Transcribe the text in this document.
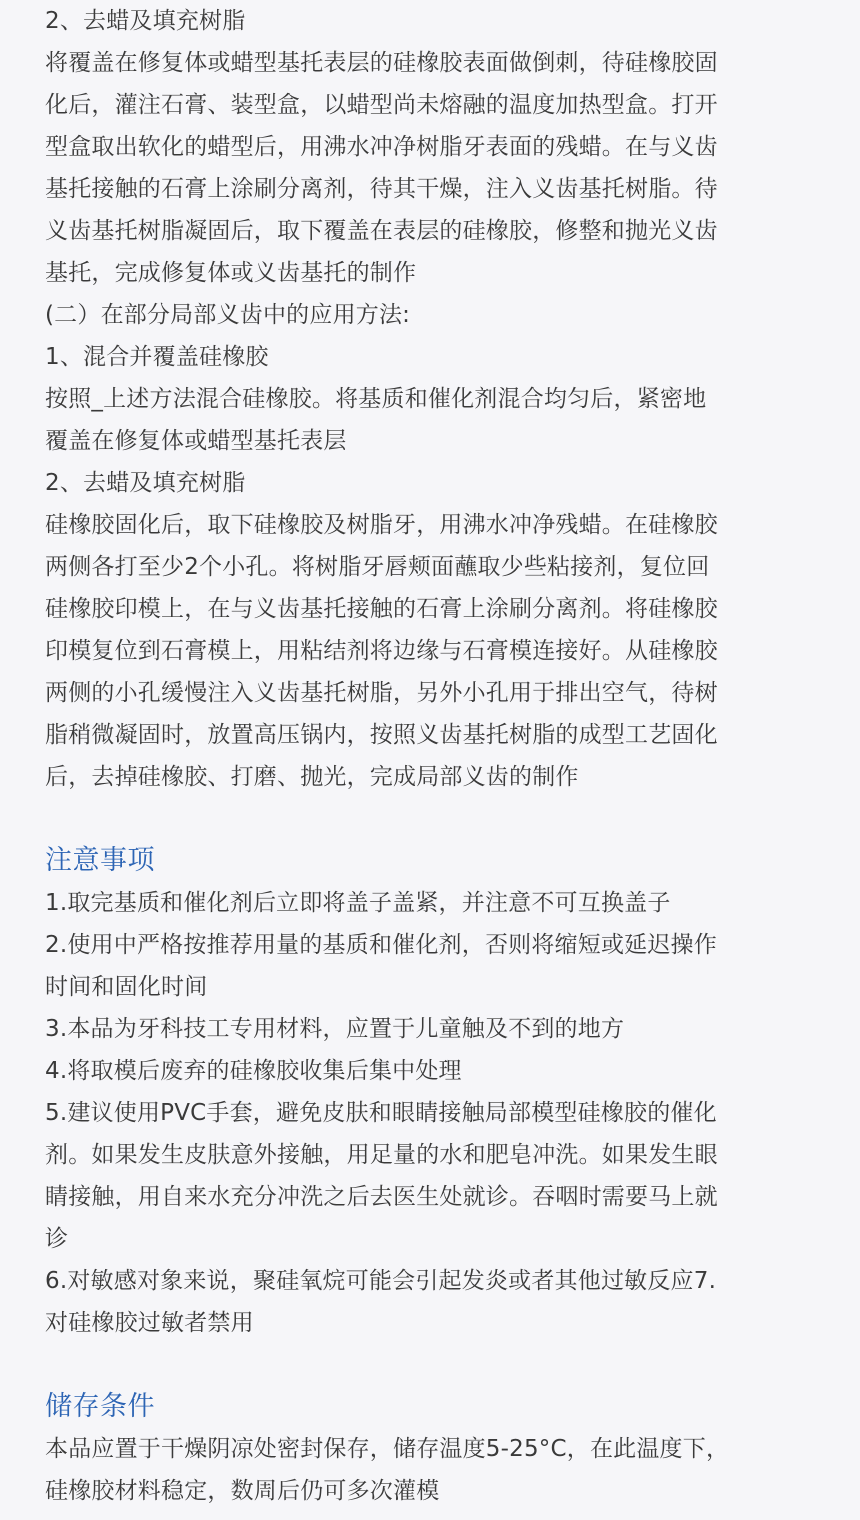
2、去蜡及填充树脂
将覆盖在修复体或蜡型基托表层的硅橡胶表面做倒刺，待硅橡胶固
化后，灌注石膏、装型盒，以蜡型尚未熔融的温度加热型盒。打开
型盒取出软化的蜡型后，用沸水冲净树脂牙表面的残蜡。在与义齿
基托接触的石膏上涂刷分离剂，待其干燥，注入义齿基托树脂。待
义齿基托树脂凝固后，取下覆盖在表层的硅橡胶，修整和抛光义齿
基托，完成修复体或义齿基托的制作
(二）在部分局部义齿中的应用方法:
1、混合并覆盖硅橡胶
按照_上述方法混合硅橡胶。将基质和催化剂混合均匀后，紧密地
覆盖在修复体或蜡型基托表层
2、去蜡及填充树脂
硅橡胶固化后，取下硅橡胶及树脂牙，用沸水冲净残蜡。在硅橡胶
两侧各打至少2个小孔。将树脂牙唇颊面蘸取少些粘接剂，复位回
硅橡胶印模上，在与义齿基托接触的石膏上涂刷分离剂。将硅橡胶
印模复位到石膏模上，用粘结剂将边缘与石膏模连接好。从硅橡胶
两侧的小孔缓慢注入义齿基托树脂，另外小孔用于排出空气，待树
脂稍微凝固时，放置高压锅内，按照义齿基托树脂的成型工艺固化
后，去掉硅橡胶、打磨、抛光，完成局部义齿的制作
注意事项
1.取完基质和催化剂后立即将盖子盖紧，并注意不可互换盖子
2.使用中严格按推荐用量的基质和催化剂，否则将缩短或延迟操作
时间和固化时间
3.本品为牙科技工专用材料，应置于儿童触及不到的地方
4.将取模后废弃的硅橡胶收集后集中处理
5.建议使用PVC手套，避免皮肤和眼睛接触局部模型硅橡胶的催化
剂。如果发生皮肤意外接触，用足量的水和肥皂冲洗。如果发生眼
睛接触，用自来水充分冲洗之后去医生处就诊。吞咽时需要马上就
诊
6.对敏感对象来说，聚硅氧烷可能会引起发炎或者其他过敏反应7.
对硅橡胶过敏者禁用
储存条件
本品应置于干燥阴凉处密封保存，储存温度5-25°C，在此温度下，
硅橡胶材料稳定，数周后仍可多次灌模
